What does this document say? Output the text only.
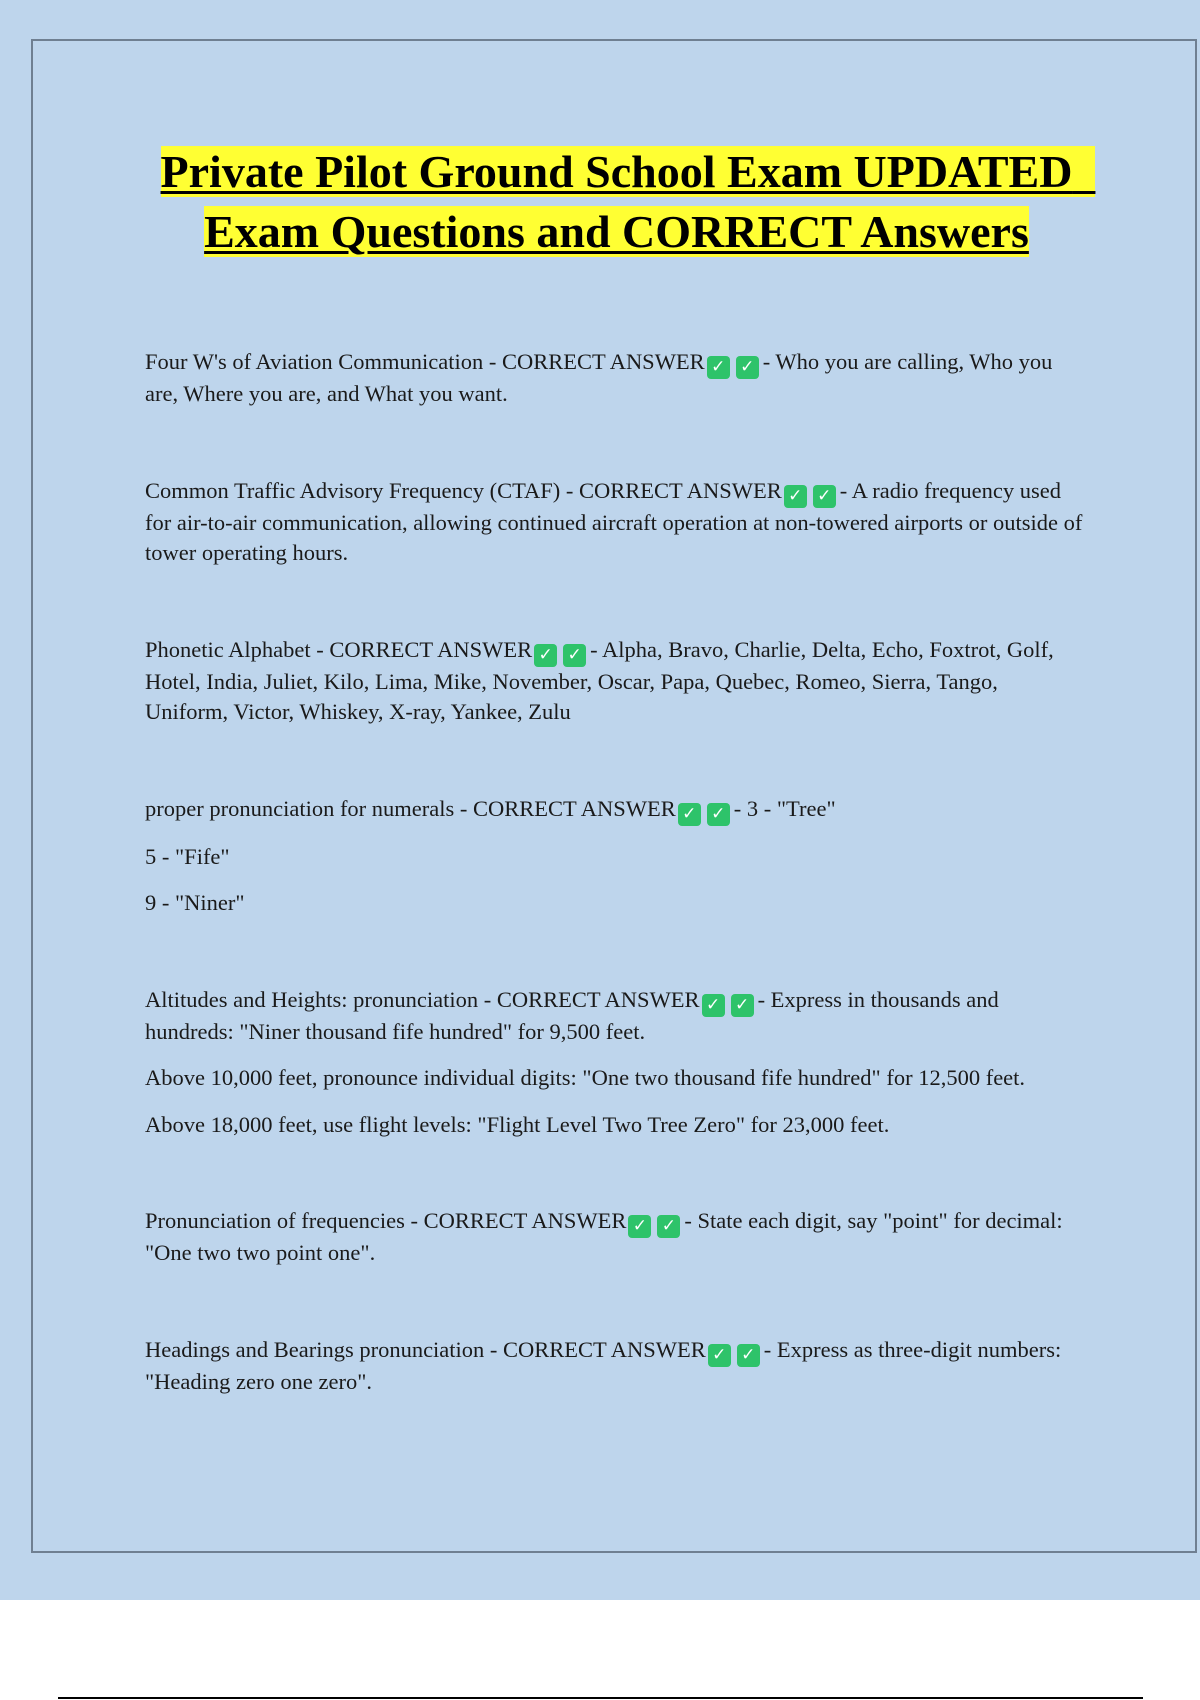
Private Pilot Ground School Exam UPDATED  Exam Questions and CORRECT Answers

Four W's of Aviation Communication - CORRECT ANSWER ✓ ✓ - Who you are calling, Who you are, Where you are, and What you want.

Common Traffic Advisory Frequency (CTAF) - CORRECT ANSWER ✓ ✓ - A radio frequency used for air-to-air communication, allowing continued aircraft operation at non-towered airports or outside of tower operating hours.

Phonetic Alphabet - CORRECT ANSWER ✓ ✓ - Alpha, Bravo, Charlie, Delta, Echo, Foxtrot, Golf, Hotel, India, Juliet, Kilo, Lima, Mike, November, Oscar, Papa, Quebec, Romeo, Sierra, Tango, Uniform, Victor, Whiskey, X-ray, Yankee, Zulu

proper pronunciation for numerals - CORRECT ANSWER ✓ ✓ - 3 - "Tree"

5 - "Fife"

9 - "Niner"

Altitudes and Heights: pronunciation - CORRECT ANSWER ✓ ✓ - Express in thousands and hundreds: "Niner thousand fife hundred" for 9,500 feet.

Above 10,000 feet, pronounce individual digits: "One two thousand fife hundred" for 12,500 feet.

Above 18,000 feet, use flight levels: "Flight Level Two Tree Zero" for 23,000 feet.

Pronunciation of frequencies - CORRECT ANSWER ✓ ✓ - State each digit, say "point" for decimal: "One two two point one".

Headings and Bearings pronunciation - CORRECT ANSWER ✓ ✓ - Express as three-digit numbers: "Heading zero one zero".
